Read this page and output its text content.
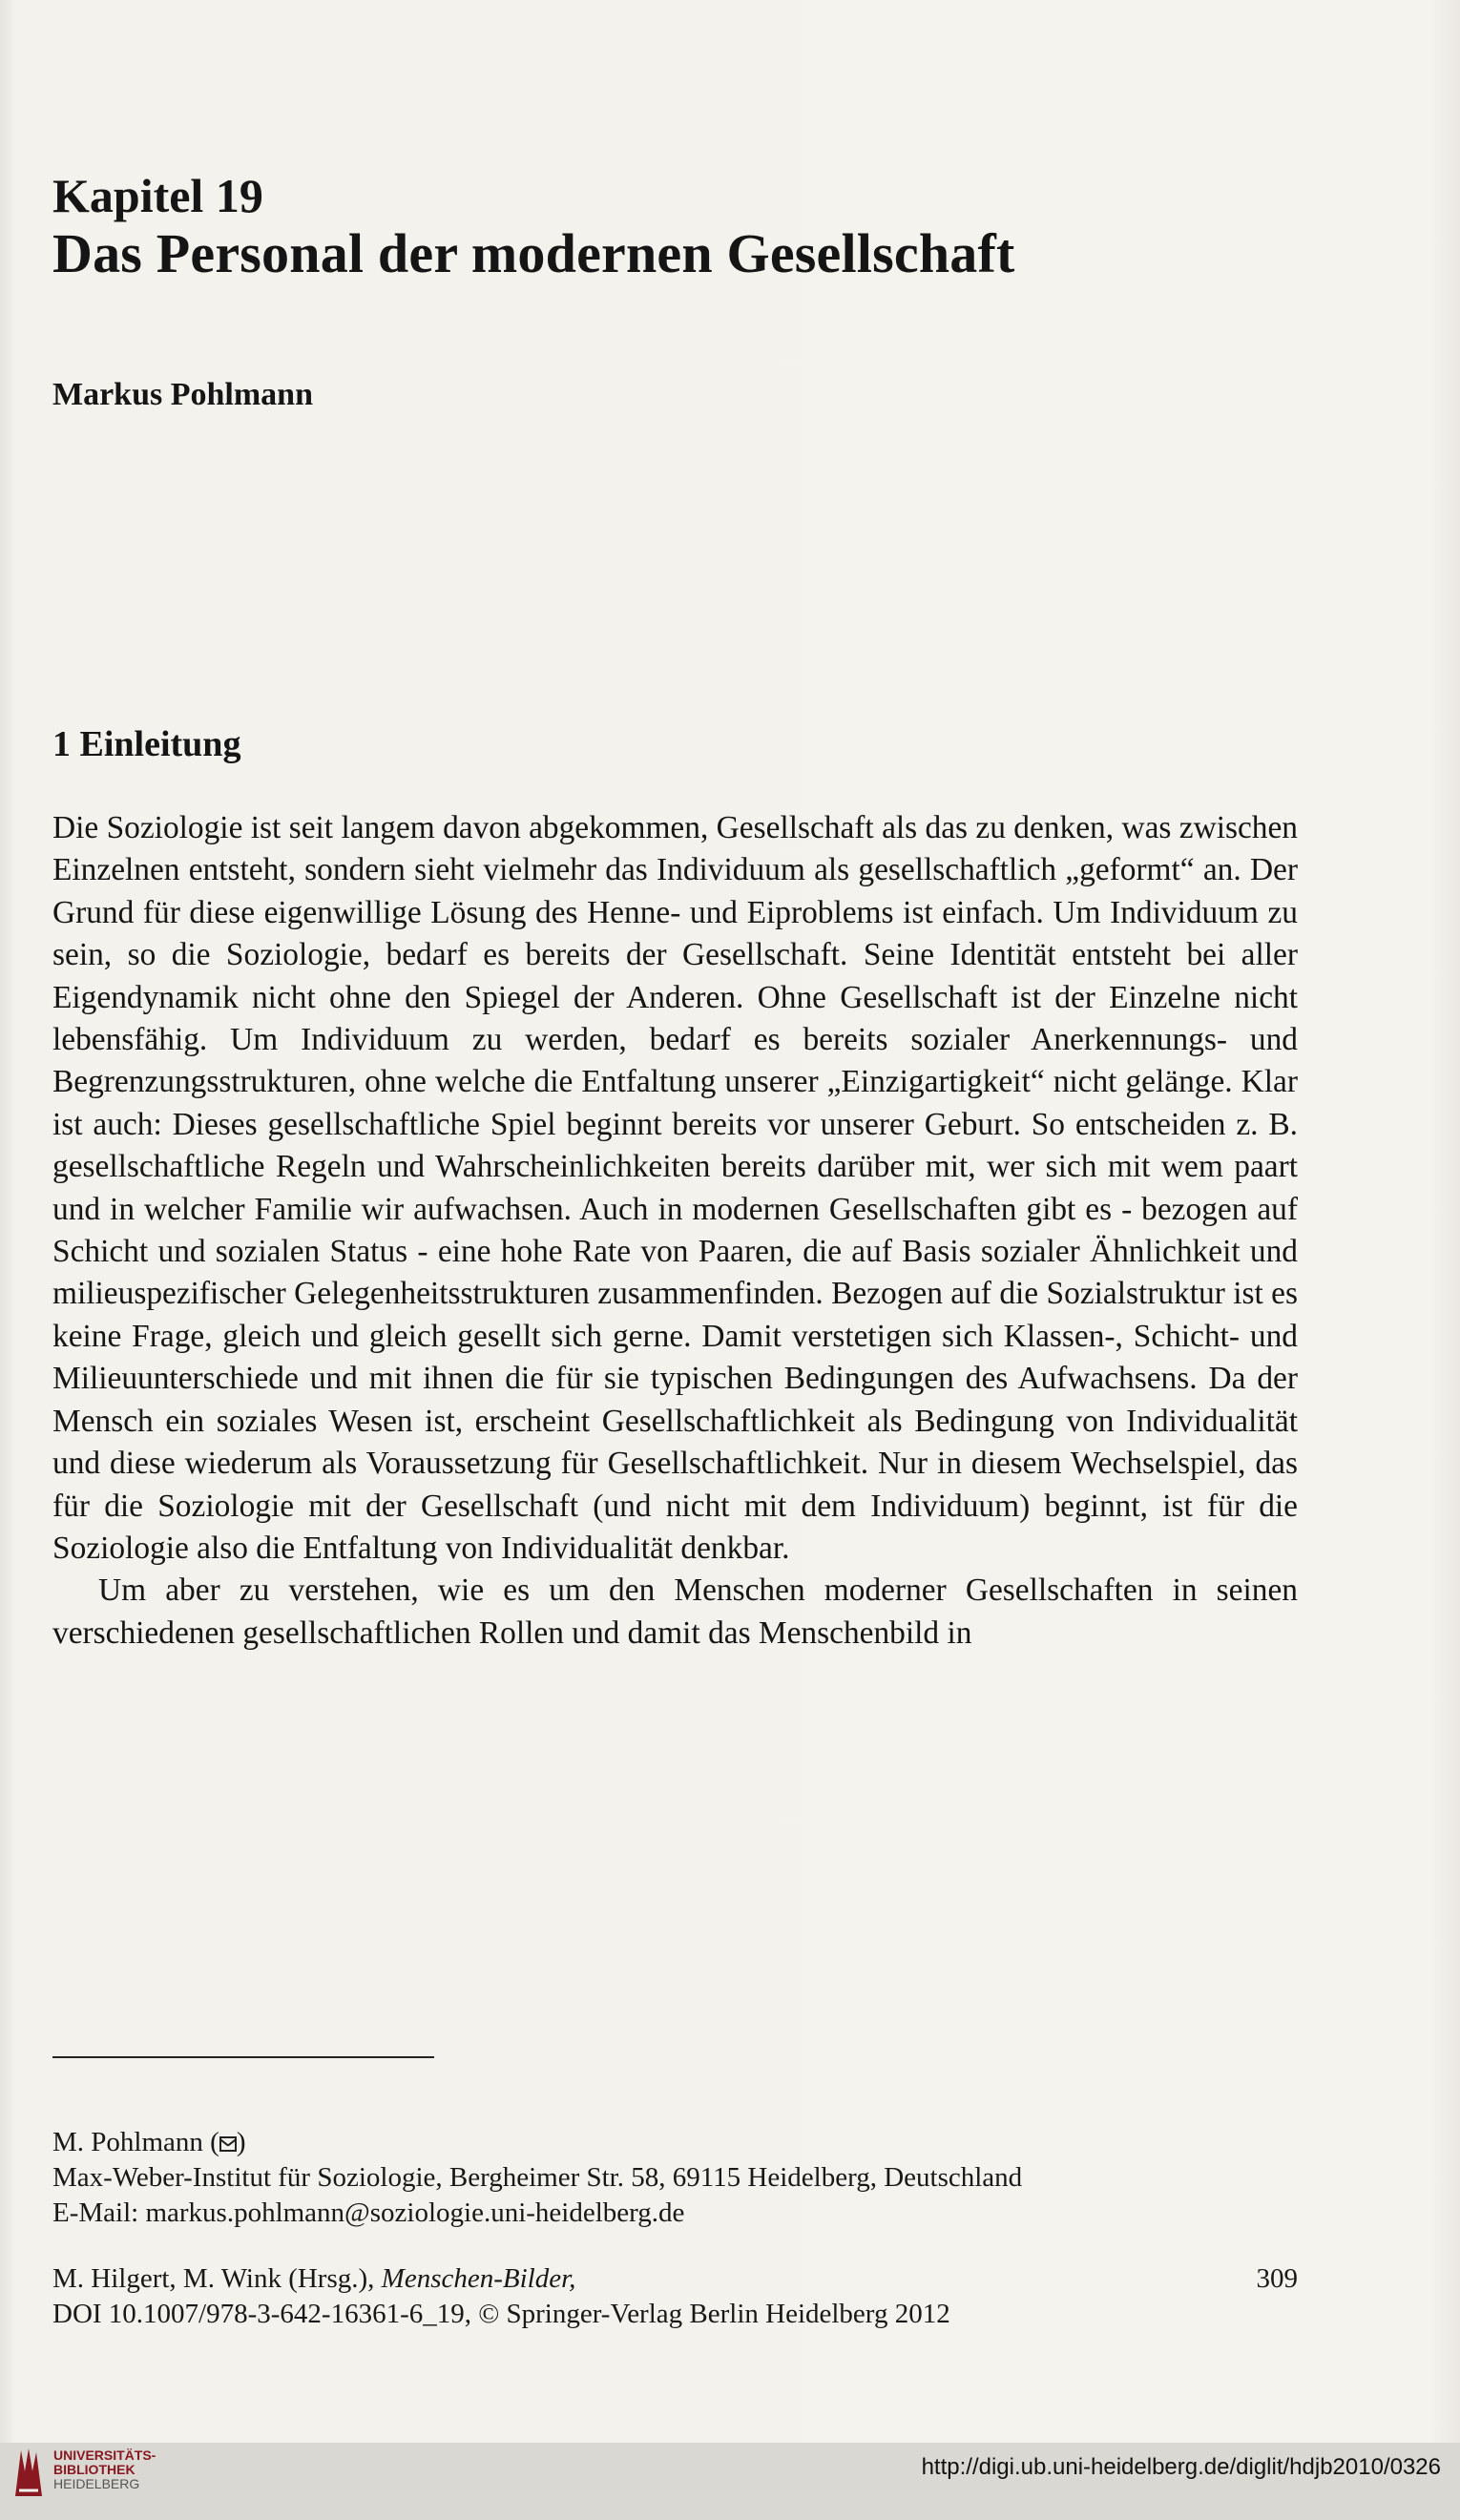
Kapitel 19
Das Personal der modernen Gesellschaft
Markus Pohlmann
1 Einleitung

Die Soziologie ist seit langem davon abgekommen, Gesellschaft als das zu denken, was zwischen Einzelnen entsteht, sondern sieht vielmehr das Individuum als gesellschaftlich „geformt“ an. Der Grund für diese eigenwillige Lösung des Henne- und Eiproblems ist einfach. Um Individuum zu sein, so die Soziologie, bedarf es bereits der Gesellschaft. Seine Identität entsteht bei aller Eigendynamik nicht ohne den Spiegel der Anderen. Ohne Gesellschaft ist der Einzelne nicht lebensfähig. Um Individuum zu werden, bedarf es bereits sozialer Anerkennungs- und Begrenzungsstrukturen, ohne welche die Entfaltung unserer „Einzigartigkeit“ nicht gelänge. Klar ist auch: Dieses gesellschaftliche Spiel beginnt bereits vor unserer Geburt. So entscheiden z. B. gesellschaftliche Regeln und Wahrscheinlichkeiten bereits darüber mit, wer sich mit wem paart und in welcher Familie wir aufwachsen. Auch in modernen Gesellschaften gibt es - bezogen auf Schicht und sozialen Status - eine hohe Rate von Paaren, die auf Basis sozialer Ähnlichkeit und milieuspezifischer Gelegenheitsstrukturen zusammenfinden. Bezogen auf die Sozialstruktur ist es keine Frage, gleich und gleich gesellt sich gerne. Damit verstetigen sich Klassen-, Schicht- und Milieuunterschiede und mit ihnen die für sie typischen Bedingungen des Aufwachsens. Da der Mensch ein soziales Wesen ist, erscheint Gesellschaftlichkeit als Bedingung von Individualität und diese wiederum als Voraussetzung für Gesellschaftlichkeit. Nur in diesem Wechselspiel, das für die Soziologie mit der Gesellschaft (und nicht mit dem Individuum) beginnt, ist für die Soziologie also die Entfaltung von Individualität denkbar.

Um aber zu verstehen, wie es um den Menschen moderner Gesellschaften in seinen verschiedenen gesellschaftlichen Rollen und damit das Menschenbild in

M. Pohlmann ( )
Max-Weber-Institut für Soziologie, Bergheimer Str. 58, 69115 Heidelberg, Deutschland
E-Mail: markus.pohlmann@soziologie.uni-heidelberg.de
M. Hilgert, M. Wink (Hrsg.), Menschen-Bilder,
DOI 10.1007/978-3-642-16361-6_19, © Springer-Verlag Berlin Heidelberg 2012
309
UNIVERSITÄTS-
BIBLIOTHEK
HEIDELBERG
http://digi.ub.uni-heidelberg.de/diglit/hdjb2010/0326
